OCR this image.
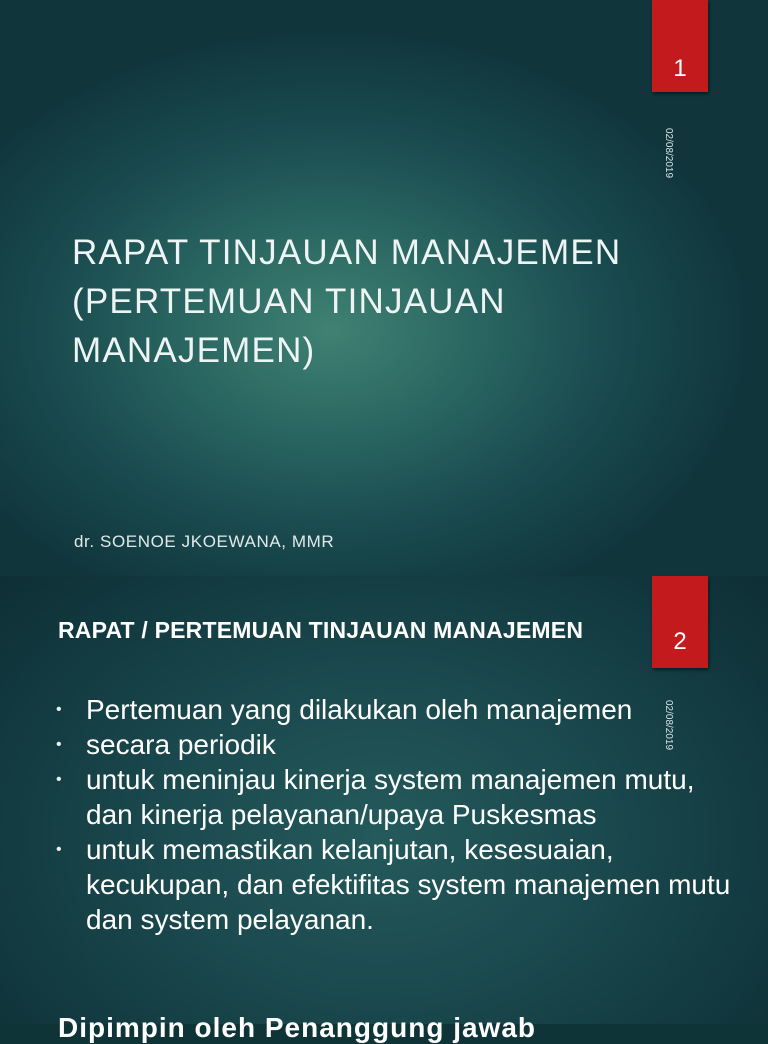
1
02/08/2019
RAPAT TINJAUAN MANAJEMEN (PERTEMUAN TINJAUAN MANAJEMEN)
dr. SOENOE JKOEWANA, MMR
2
02/08/2019
RAPAT / PERTEMUAN TINJAUAN MANAJEMEN
• Pertemuan yang dilakukan oleh manajemen
• secara periodik
• untuk meninjau kinerja system manajemen mutu, dan kinerja pelayanan/upaya Puskesmas
• untuk memastikan kelanjutan, kesesuaian, kecukupan, dan efektifitas system manajemen mutu dan system pelayanan.
Dipimpin oleh Penanggung jawab
